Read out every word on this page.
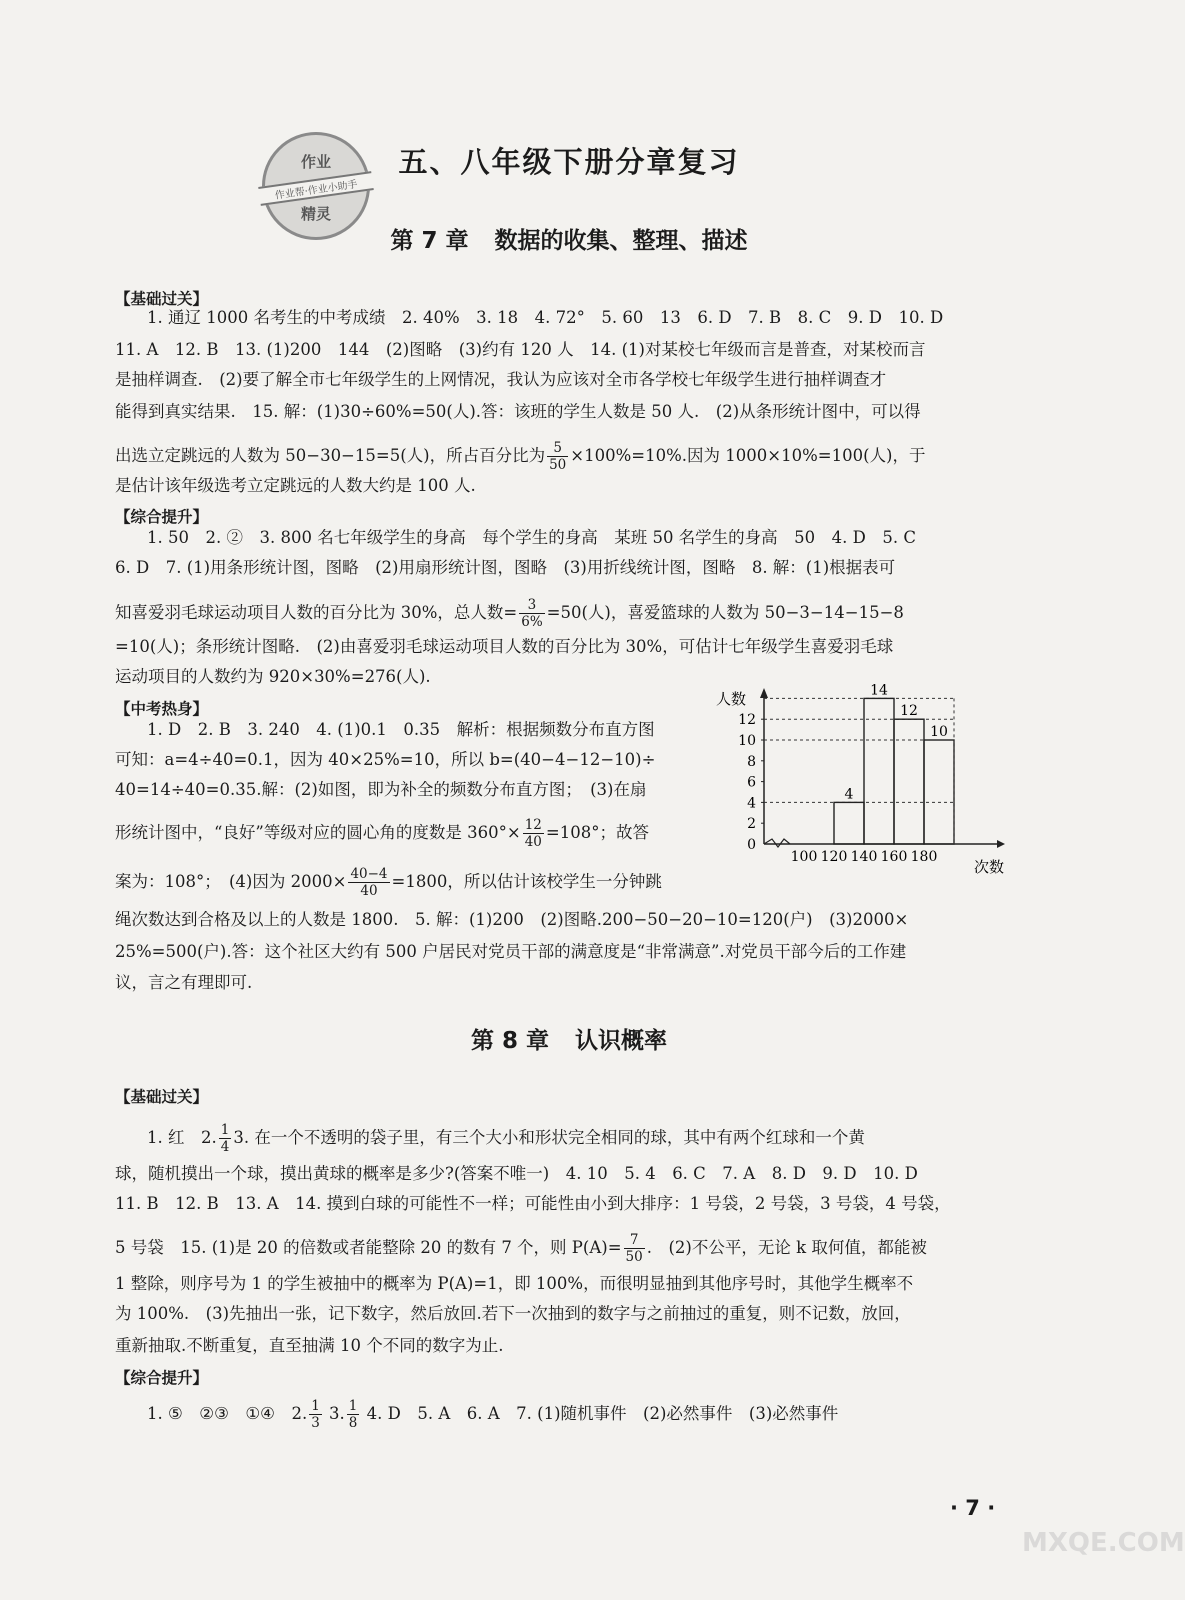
作业
作业帮·作业小助手
精灵
五、八年级下册分章复习
第 7 章 数据的收集、整理、描述
【基础过关】
1. 通辽 1000 名考生的中考成绩　2. 40%　3. 18　4. 72°　5. 60　13　6. D　7. B　8. C　9. D　10. D
11. A　12. B　13. (1)200　144　(2)图略　(3)约有 120 人　14. (1)对某校七年级而言是普查，对某校而言
是抽样调查.　(2)要了解全市七年级学生的上网情况，我认为应该对全市各学校七年级学生进行抽样调查才
能得到真实结果.　15. 解：(1)30÷60%=50(人).答：该班的学生人数是 50 人.　(2)从条形统计图中，可以得
出选立定跳远的人数为 50−30−15=5(人)，所占百分比为 $\frac{5}{50} \times 100\%=10\%$.因为 1000×10%=100(人)，于
是估计该年级选考立定跳远的人数大约是 100 人.
【综合提升】
1. 50　2. ②　3. 800 名七年级学生的身高　每个学生的身高　某班 50 名学生的身高　50　4. D　5. C
6. D　7. (1)用条形统计图，图略　(2)用扇形统计图，图略　(3)用折线统计图，图略　8. 解：(1)根据表可
知喜爱羽毛球运动项目人数的百分比为 30%，总人数= $\frac{3}{6\%} =50$(人)，喜爱篮球的人数为 50−3−14−15−8
=10(人)；条形统计图略.　(2)由喜爱羽毛球运动项目人数的百分比为 30%，可估计七年级学生喜爱羽毛球
运动项目的人数约为 920×30%=276(人).
【中考热身】
1. D　2. B　3. 240　4. (1)0.1　0.35　解析：根据频数分布直方图
可知：a=4÷40=0.1，因为 40×25%=10，所以 b=(40−4−12−10)÷
40=14÷40=0.35.解：(2)如图，即为补全的频数分布直方图；　(3)在扇
形统计图中，“良好”等级对应的圆心角的度数是 $360^\circ\times \frac{12}{40} =108^\circ$；故答
案为：108°；　(4)因为 $2000\times \frac{40-4}{40} =1800$，所以估计该校学生一分钟跳
绳次数达到合格及以上的人数是 1800.　5. 解：(1)200　(2)图略.200−50−20−10=120(户)　(3)2000×
25%=500(户).答：这个社区大约有 500 户居民对党员干部的满意度是“非常满意”.对党员干部今后的工作建
议，言之有理即可.
人数
次数
0
2
4
6
8
10
12
100 120 140 160 180
4
14
12
10
第 8 章 认识概率
【基础过关】
1. 红　2. $\frac{1}{4} 3$. 在一个不透明的袋子里，有三个大小和形状完全相同的球，其中有两个红球和一个黄
球，随机摸出一个球，摸出黄球的概率是多少?(答案不唯一)　4. 10　5. 4　6. C　7. A　8. D　9. D　10. D
11. B　12. B　13. A　14. 摸到白球的可能性不一样；可能性由小到大排序：1 号袋，2 号袋，3 号袋，4 号袋，
5 号袋　15. (1)是 20 的倍数或者能整除 20 的数有 7 个，则 $P(A)= \frac{7}{50}$ .　(2)不公平，无论 k 取何值，都能被
1 整除，则序号为 1 的学生被抽中的概率为 P(A)=1，即 100%，而很明显抽到其他序号时，其他学生概率不
为 100%.　(3)先抽出一张，记下数字，然后放回.若下一次抽到的数字与之前抽过的重复，则不记数，放回，
重新抽取.不断重复，直至抽满 10 个不同的数字为止.
【综合提升】
1. ⑤　②③　①④　2. $\frac{1}{3} 3$. $\frac{1}{8} 4$. D　5. A　6. A　7. (1)随机事件　(2)必然事件　(3)必然事件
· 7 ·
MXQE.COM
